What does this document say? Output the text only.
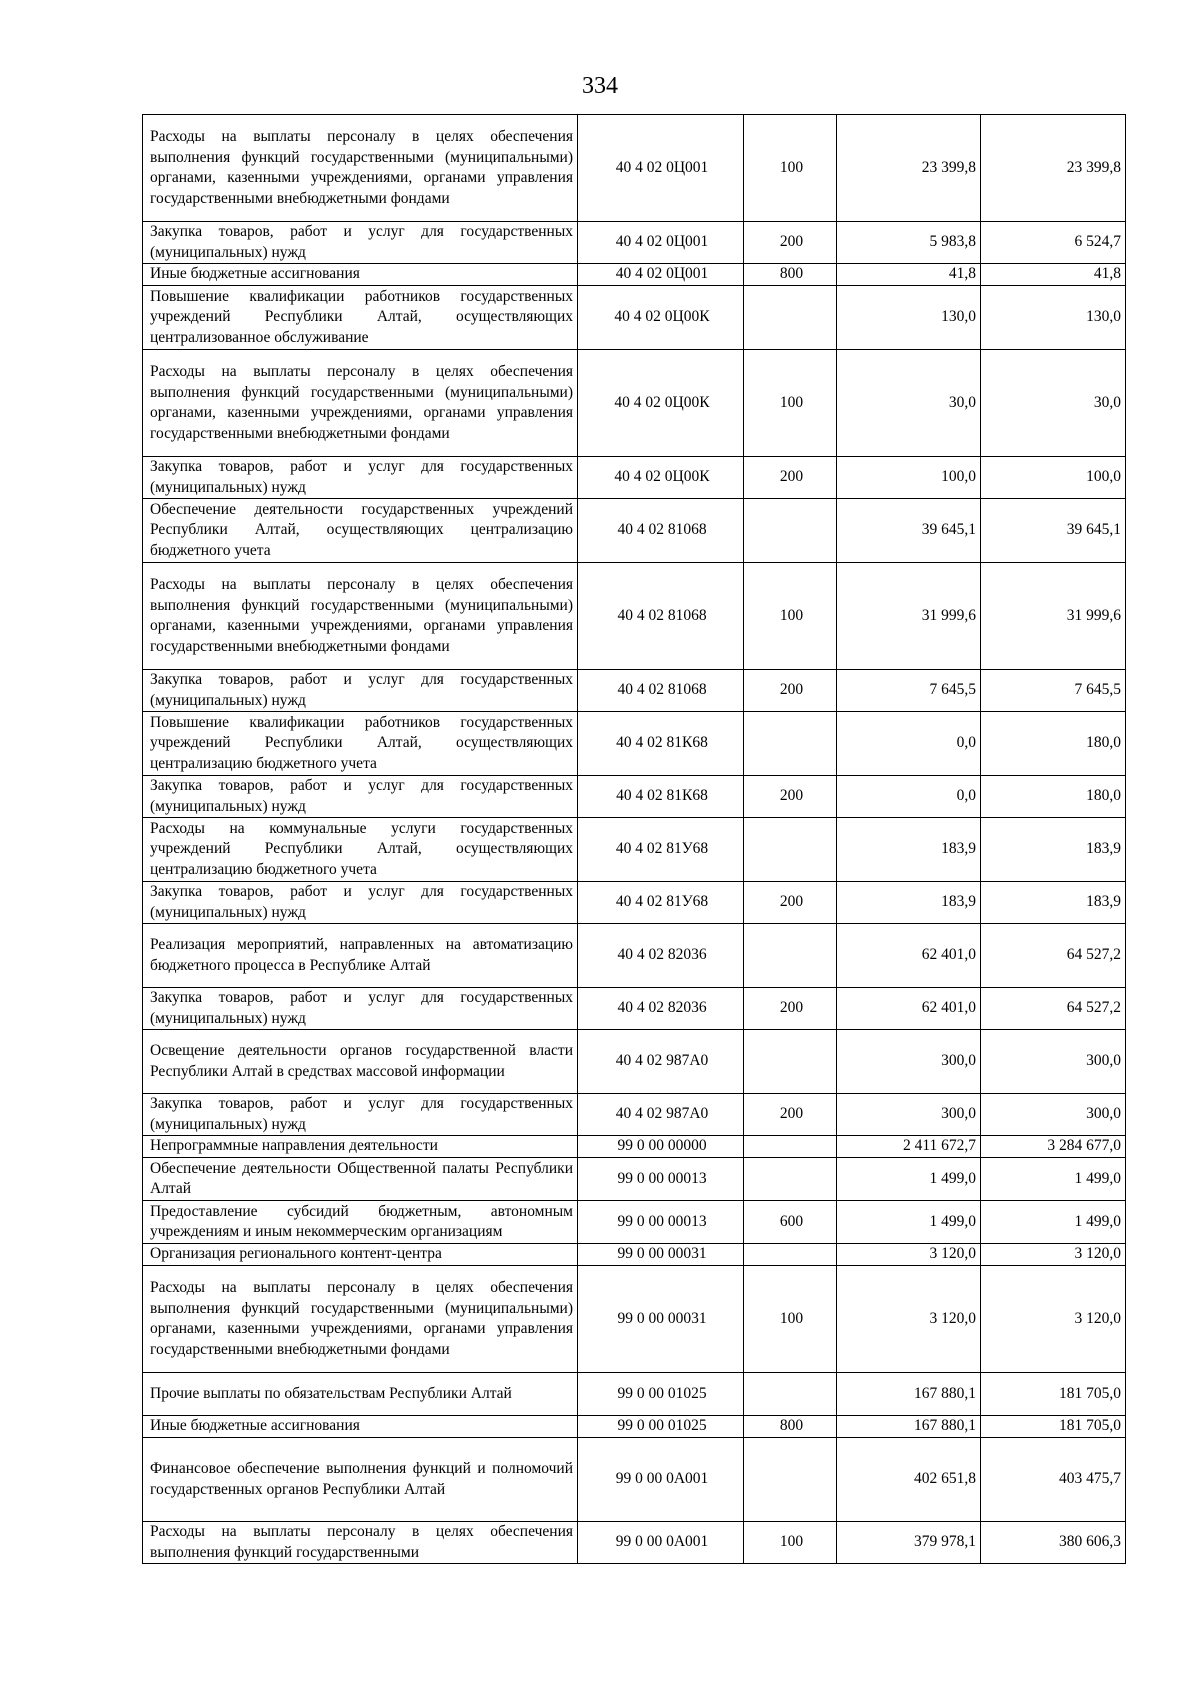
334
Расходы на выплаты персоналу в целях обеспечения выполнения функций государственными (муниципальными) органами, казенными учреждениями, органами управления государственными внебюджетными фондами	40 4 02 0Ц001	100	23 399,8	23 399,8
Закупка товаров, работ и услуг для государственных (муниципальных) нужд	40 4 02 0Ц001	200	5 983,8	6 524,7
Иные бюджетные ассигнования	40 4 02 0Ц001	800	41,8	41,8
Повышение квалификации работников государственных учреждений Республики Алтай, осуществляющих централизованное обслуживание	40 4 02 0Ц00К		130,0	130,0
Расходы на выплаты персоналу в целях обеспечения выполнения функций государственными (муниципальными) органами, казенными учреждениями, органами управления государственными внебюджетными фондами	40 4 02 0Ц00К	100	30,0	30,0
Закупка товаров, работ и услуг для государственных (муниципальных) нужд	40 4 02 0Ц00К	200	100,0	100,0
Обеспечение деятельности государственных учреждений Республики Алтай, осуществляющих централизацию бюджетного учета	40 4 02 81068		39 645,1	39 645,1
Расходы на выплаты персоналу в целях обеспечения выполнения функций государственными (муниципальными) органами, казенными учреждениями, органами управления государственными внебюджетными фондами	40 4 02 81068	100	31 999,6	31 999,6
Закупка товаров, работ и услуг для государственных (муниципальных) нужд	40 4 02 81068	200	7 645,5	7 645,5
Повышение квалификации работников государственных учреждений Республики Алтай, осуществляющих централизацию бюджетного учета	40 4 02 81К68		0,0	180,0
Закупка товаров, работ и услуг для государственных (муниципальных) нужд	40 4 02 81К68	200	0,0	180,0
Расходы на коммунальные услуги государственных учреждений Республики Алтай, осуществляющих централизацию бюджетного учета	40 4 02 81У68		183,9	183,9
Закупка товаров, работ и услуг для государственных (муниципальных) нужд	40 4 02 81У68	200	183,9	183,9
Реализация мероприятий, направленных на автоматизацию бюджетного процесса в Республике Алтай	40 4 02 82036		62 401,0	64 527,2
Закупка товаров, работ и услуг для государственных (муниципальных) нужд	40 4 02 82036	200	62 401,0	64 527,2
Освещение деятельности органов государственной власти Республики Алтай в средствах массовой информации	40 4 02 987А0		300,0	300,0
Закупка товаров, работ и услуг для государственных (муниципальных) нужд	40 4 02 987А0	200	300,0	300,0
Непрограммные направления деятельности	99 0 00 00000		2 411 672,7	3 284 677,0
Обеспечение деятельности Общественной палаты Республики Алтай	99 0 00 00013		1 499,0	1 499,0
Предоставление субсидий бюджетным, автономным учреждениям и иным некоммерческим организациям	99 0 00 00013	600	1 499,0	1 499,0
Организация регионального контент-центра	99 0 00 00031		3 120,0	3 120,0
Расходы на выплаты персоналу в целях обеспечения выполнения функций государственными (муниципальными) органами, казенными учреждениями, органами управления государственными внебюджетными фондами	99 0 00 00031	100	3 120,0	3 120,0
Прочие выплаты по обязательствам Республики Алтай	99 0 00 01025		167 880,1	181 705,0
Иные бюджетные ассигнования	99 0 00 01025	800	167 880,1	181 705,0
Финансовое обеспечение выполнения функций и полномочий государственных органов Республики Алтай	99 0 00 0А001		402 651,8	403 475,7
Расходы на выплаты персоналу в целях обеспечения выполнения функций государственными	99 0 00 0А001	100	379 978,1	380 606,3
